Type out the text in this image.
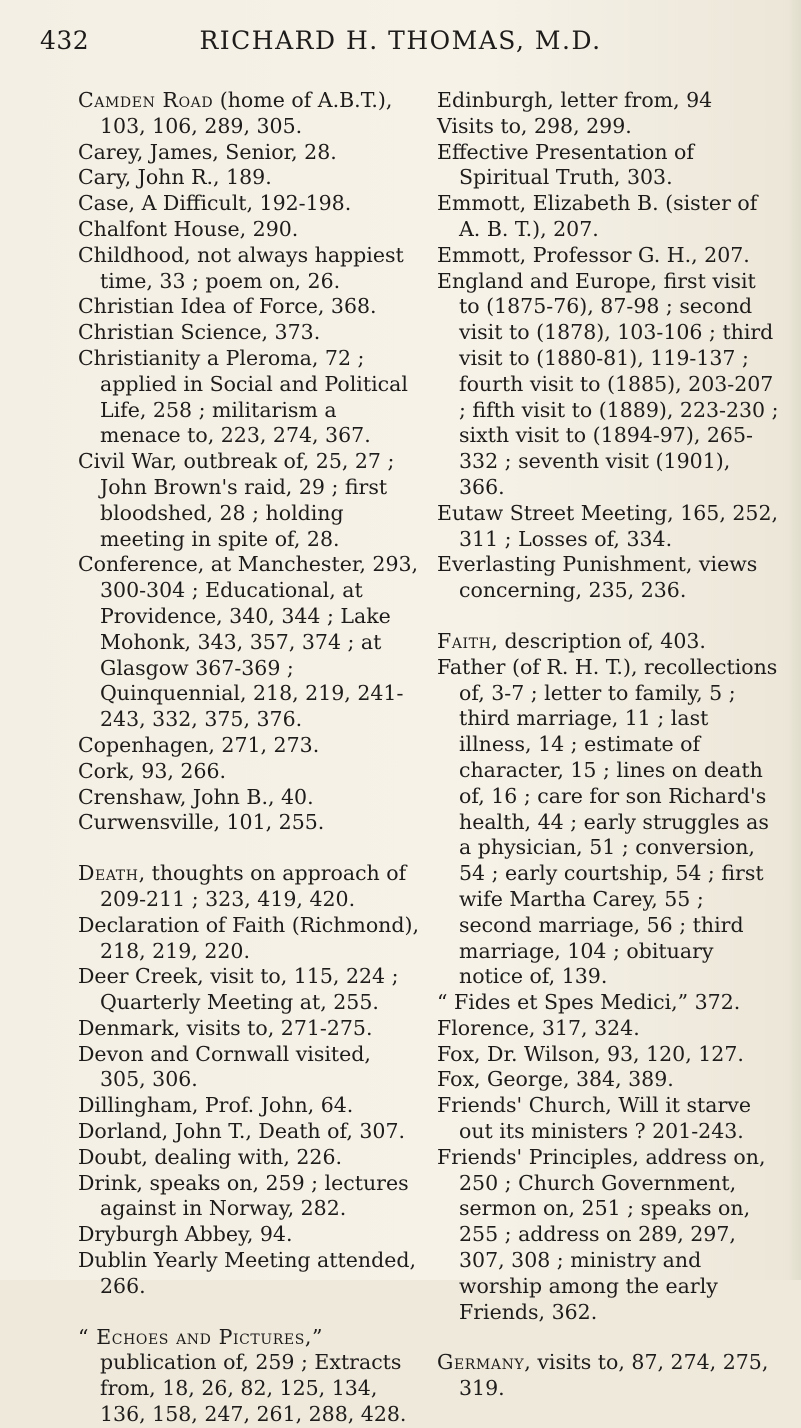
432	RICHARD H. THOMAS, M.D.

Camden Road (home of A.B.T.), 103, 106, 289, 305.

Carey, James, Senior, 28.

Cary, John R., 189.

Case, A Difficult, 192-198.

Chalfont House, 290.

Childhood, not always happiest time, 33 ; poem on, 26.

Christian Idea of Force, 368.

Christian Science, 373.

Christianity a Pleroma, 72 ; applied in Social and Political Life, 258 ; militarism a menace to, 223, 274, 367.

Civil War, outbreak of, 25, 27 ; John Brown's raid, 29 ; first bloodshed, 28 ; holding meeting in spite of, 28.

Conference, at Manchester, 293, 300-304 ; Educational, at Providence, 340, 344 ; Lake Mohonk, 343, 357, 374 ; at Glasgow 367-369 ; Quinquennial, 218, 219, 241-243, 332, 375, 376.

Copenhagen, 271, 273.

Cork, 93, 266.

Crenshaw, John B., 40.

Curwensville, 101, 255.

Death, thoughts on approach of 209-211 ; 323, 419, 420.

Declaration of Faith (Richmond), 218, 219, 220.

Deer Creek, visit to, 115, 224 ; Quarterly Meeting at, 255.

Denmark, visits to, 271-275.

Devon and Cornwall visited, 305, 306.

Dillingham, Prof. John, 64.

Dorland, John T., Death of, 307.

Doubt, dealing with, 226.

Drink, speaks on, 259 ; lectures against in Norway, 282.

Dryburgh Abbey, 94.

Dublin Yearly Meeting attended, 266.

“ Echoes and Pictures,” publication of, 259 ; Extracts from, 18, 26, 82, 125, 134, 136, 158, 247, 261, 288, 428.

Edinburgh, letter from, 94

Visits to, 298, 299.

Effective Presentation of Spiritual Truth, 303.

Emmott, Elizabeth B. (sister of A. B. T.), 207.

Emmott, Professor G. H., 207.

England and Europe, first visit to (1875-76), 87-98 ; second visit to (1878), 103-106 ; third visit to (1880-81), 119-137 ; fourth visit to (1885), 203-207 ; fifth visit to (1889), 223-230 ; sixth visit to (1894-97), 265-332 ; seventh visit (1901), 366.

Eutaw Street Meeting, 165, 252, 311 ; Losses of, 334.

Everlasting Punishment, views concerning, 235, 236.

Faith, description of, 403.

Father (of R. H. T.), recollections of, 3-7 ; letter to family, 5 ; third marriage, 11 ; last illness, 14 ; estimate of character, 15 ; lines on death of, 16 ; care for son Richard's health, 44 ; early struggles as a physician, 51 ; conversion, 54 ; early courtship, 54 ; first wife Martha Carey, 55 ; second marriage, 56 ; third marriage, 104 ; obituary notice of, 139.

“ Fides et Spes Medici,” 372.

Florence, 317, 324.

Fox, Dr. Wilson, 93, 120, 127.

Fox, George, 384, 389.

Friends' Church, Will it starve out its ministers ? 201-243.

Friends' Principles, address on, 250 ; Church Government, sermon on, 251 ; speaks on, 255 ; address on 289, 297, 307, 308 ; ministry and worship among the early Friends, 362.

Germany, visits to, 87, 274, 275, 319.
